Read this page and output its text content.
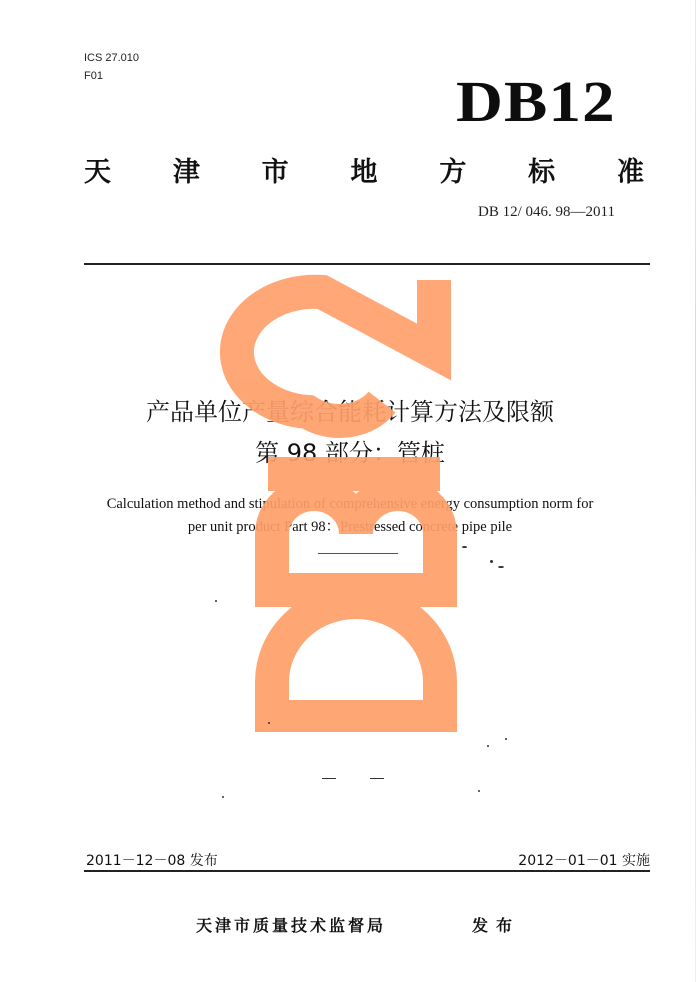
ICS 27.010
F01	DB12
天 津 市 地 方 标 准
DB 12/ 046. 98—2011
产品单位产量综合能耗计算方法及限额
第 98 部分：管桩
Calculation method and stipulation of comprehensive energy consumption norm for
per unit product Part 98：Prestressed concrete pipe pile
2011－12－08 发布	2012－01－01 实施
天津市质量技术监督局	发布
